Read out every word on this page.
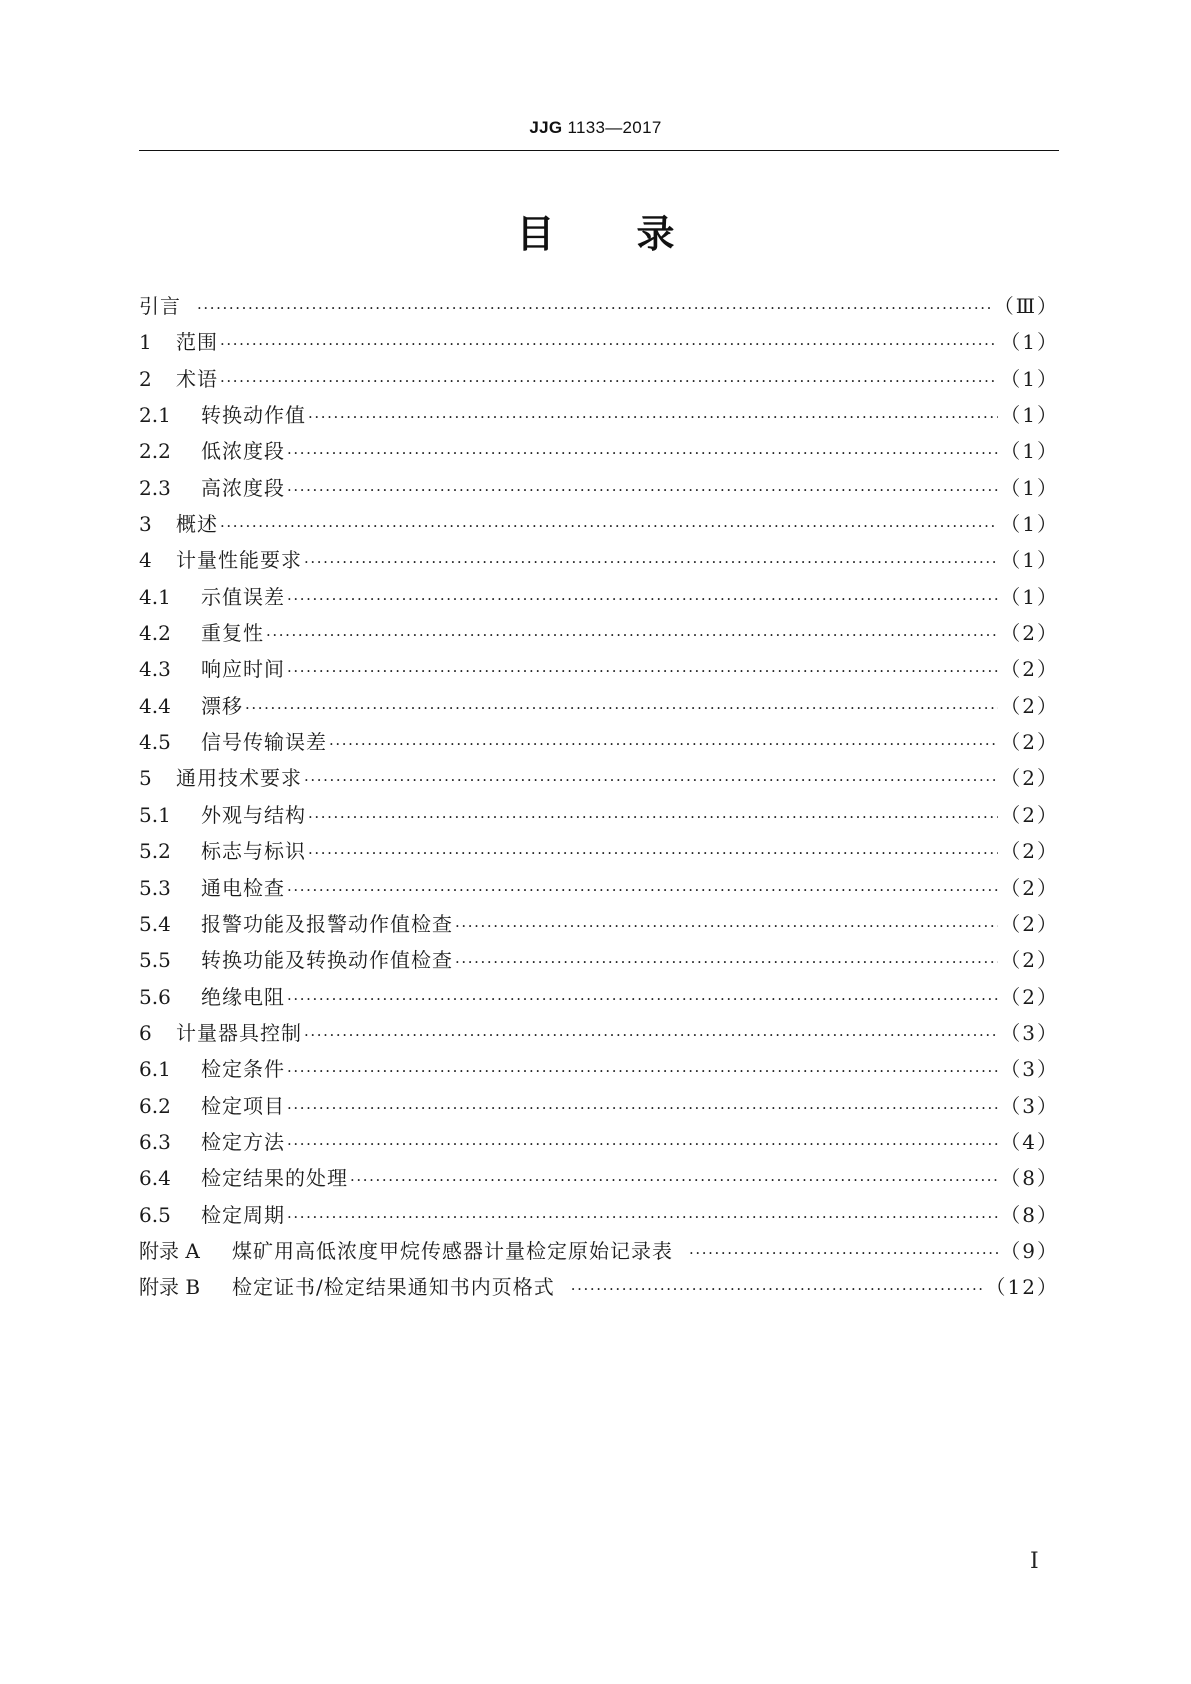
JJG 1133—2017
目 录
引言 ·····	（Ⅲ）
1	范围 ·····	（1）
2	术语 ·····	（1）
2.1	转换动作值 ·····	（1）
2.2	低浓度段 ·····	（1）
2.3	高浓度段 ·····	（1）
3	概述 ·····	（1）
4	计量性能要求 ·····	（1）
4.1	示值误差 ·····	（1）
4.2	重复性 ·····	（2）
4.3	响应时间 ·····	（2）
4.4	漂移 ·····	（2）
4.5	信号传输误差 ·····	（2）
5	通用技术要求 ·····	（2）
5.1	外观与结构 ·····	（2）
5.2	标志与标识 ·····	（2）
5.3	通电检查 ·····	（2）
5.4	报警功能及报警动作值检查 ·····	（2）
5.5	转换功能及转换动作值检查 ·····	（2）
5.6	绝缘电阻 ·····	（2）
6	计量器具控制 ·····	（3）
6.1	检定条件 ·····	（3）
6.2	检定项目 ·····	（3）
6.3	检定方法 ·····	（4）
6.4	检定结果的处理 ·····	（8）
6.5	检定周期 ·····	（8）
附录 A	煤矿用高低浓度甲烷传感器计量检定原始记录表 ·····	（9）
附录 B	检定证书/检定结果通知书内页格式 ·····	（12）
Ⅰ
